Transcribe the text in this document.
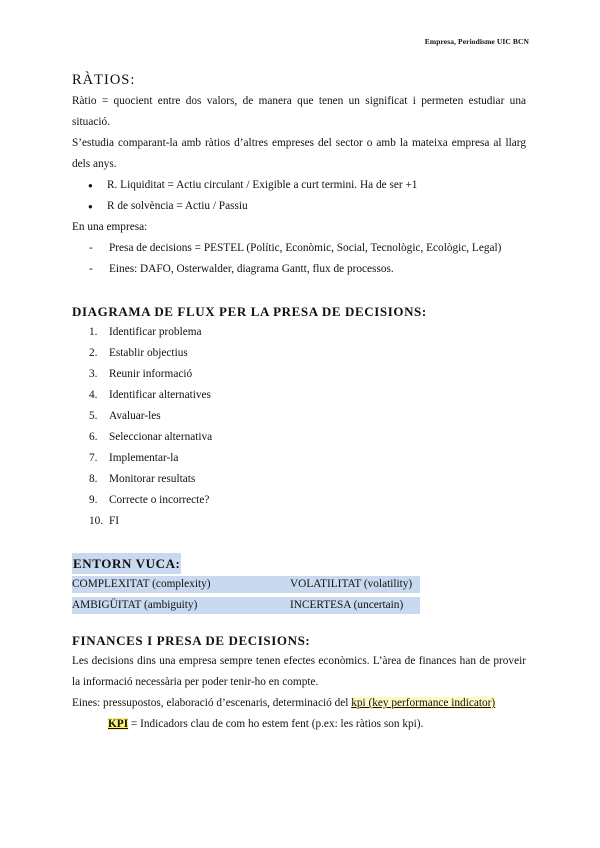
Empresa, Periodisme UIC BCN
RÀTIOS:

Ràtio = quocient entre dos valors, de manera que tenen un significat i permeten estudiar una situació.

S’estudia comparant-la amb ràtios d’altres empreses del sector o amb la mateixa empresa al llarg dels anys.

● R. Liquiditat = Actiu circulant / Exigible a curt termini. Ha de ser +1
● R de solvència = Actiu / Passiu

En una empresa:

- Presa de decisions = PESTEL (Polític, Econòmic, Social, Tecnològic, Ecològic, Legal)
- Eines: DAFO, Osterwalder, diagrama Gantt, flux de processos.
DIAGRAMA DE FLUX PER LA PRESA DE DECISIONS:
1.	Identificar problema
2.	Establir objectius
3.	Reunir informació
4.	Identificar alternatives
5.	Avaluar-les
6.	Seleccionar alternativa
7.	Implementar-la
8.	Monitorar resultats
9.	Correcte o incorrecte?
10. FI
ENTORN VUCA:
COMPLEXITAT (complexity)	VOLATILITAT (volatility)
AMBIGÜITAT (ambiguity)	INCERTESA (uncertain)
FINANCES I PRESA DE DECISIONS:

Les decisions dins una empresa sempre tenen efectes econòmics. L’àrea de finances han de proveir la informació necessària per poder tenir-ho en compte.

Eines: pressupostos, elaboració d’escenaris, determinació del kpi (key performance indicator)

KPI = Indicadors clau de com ho estem fent (p.ex: les ràtios son kpi).
